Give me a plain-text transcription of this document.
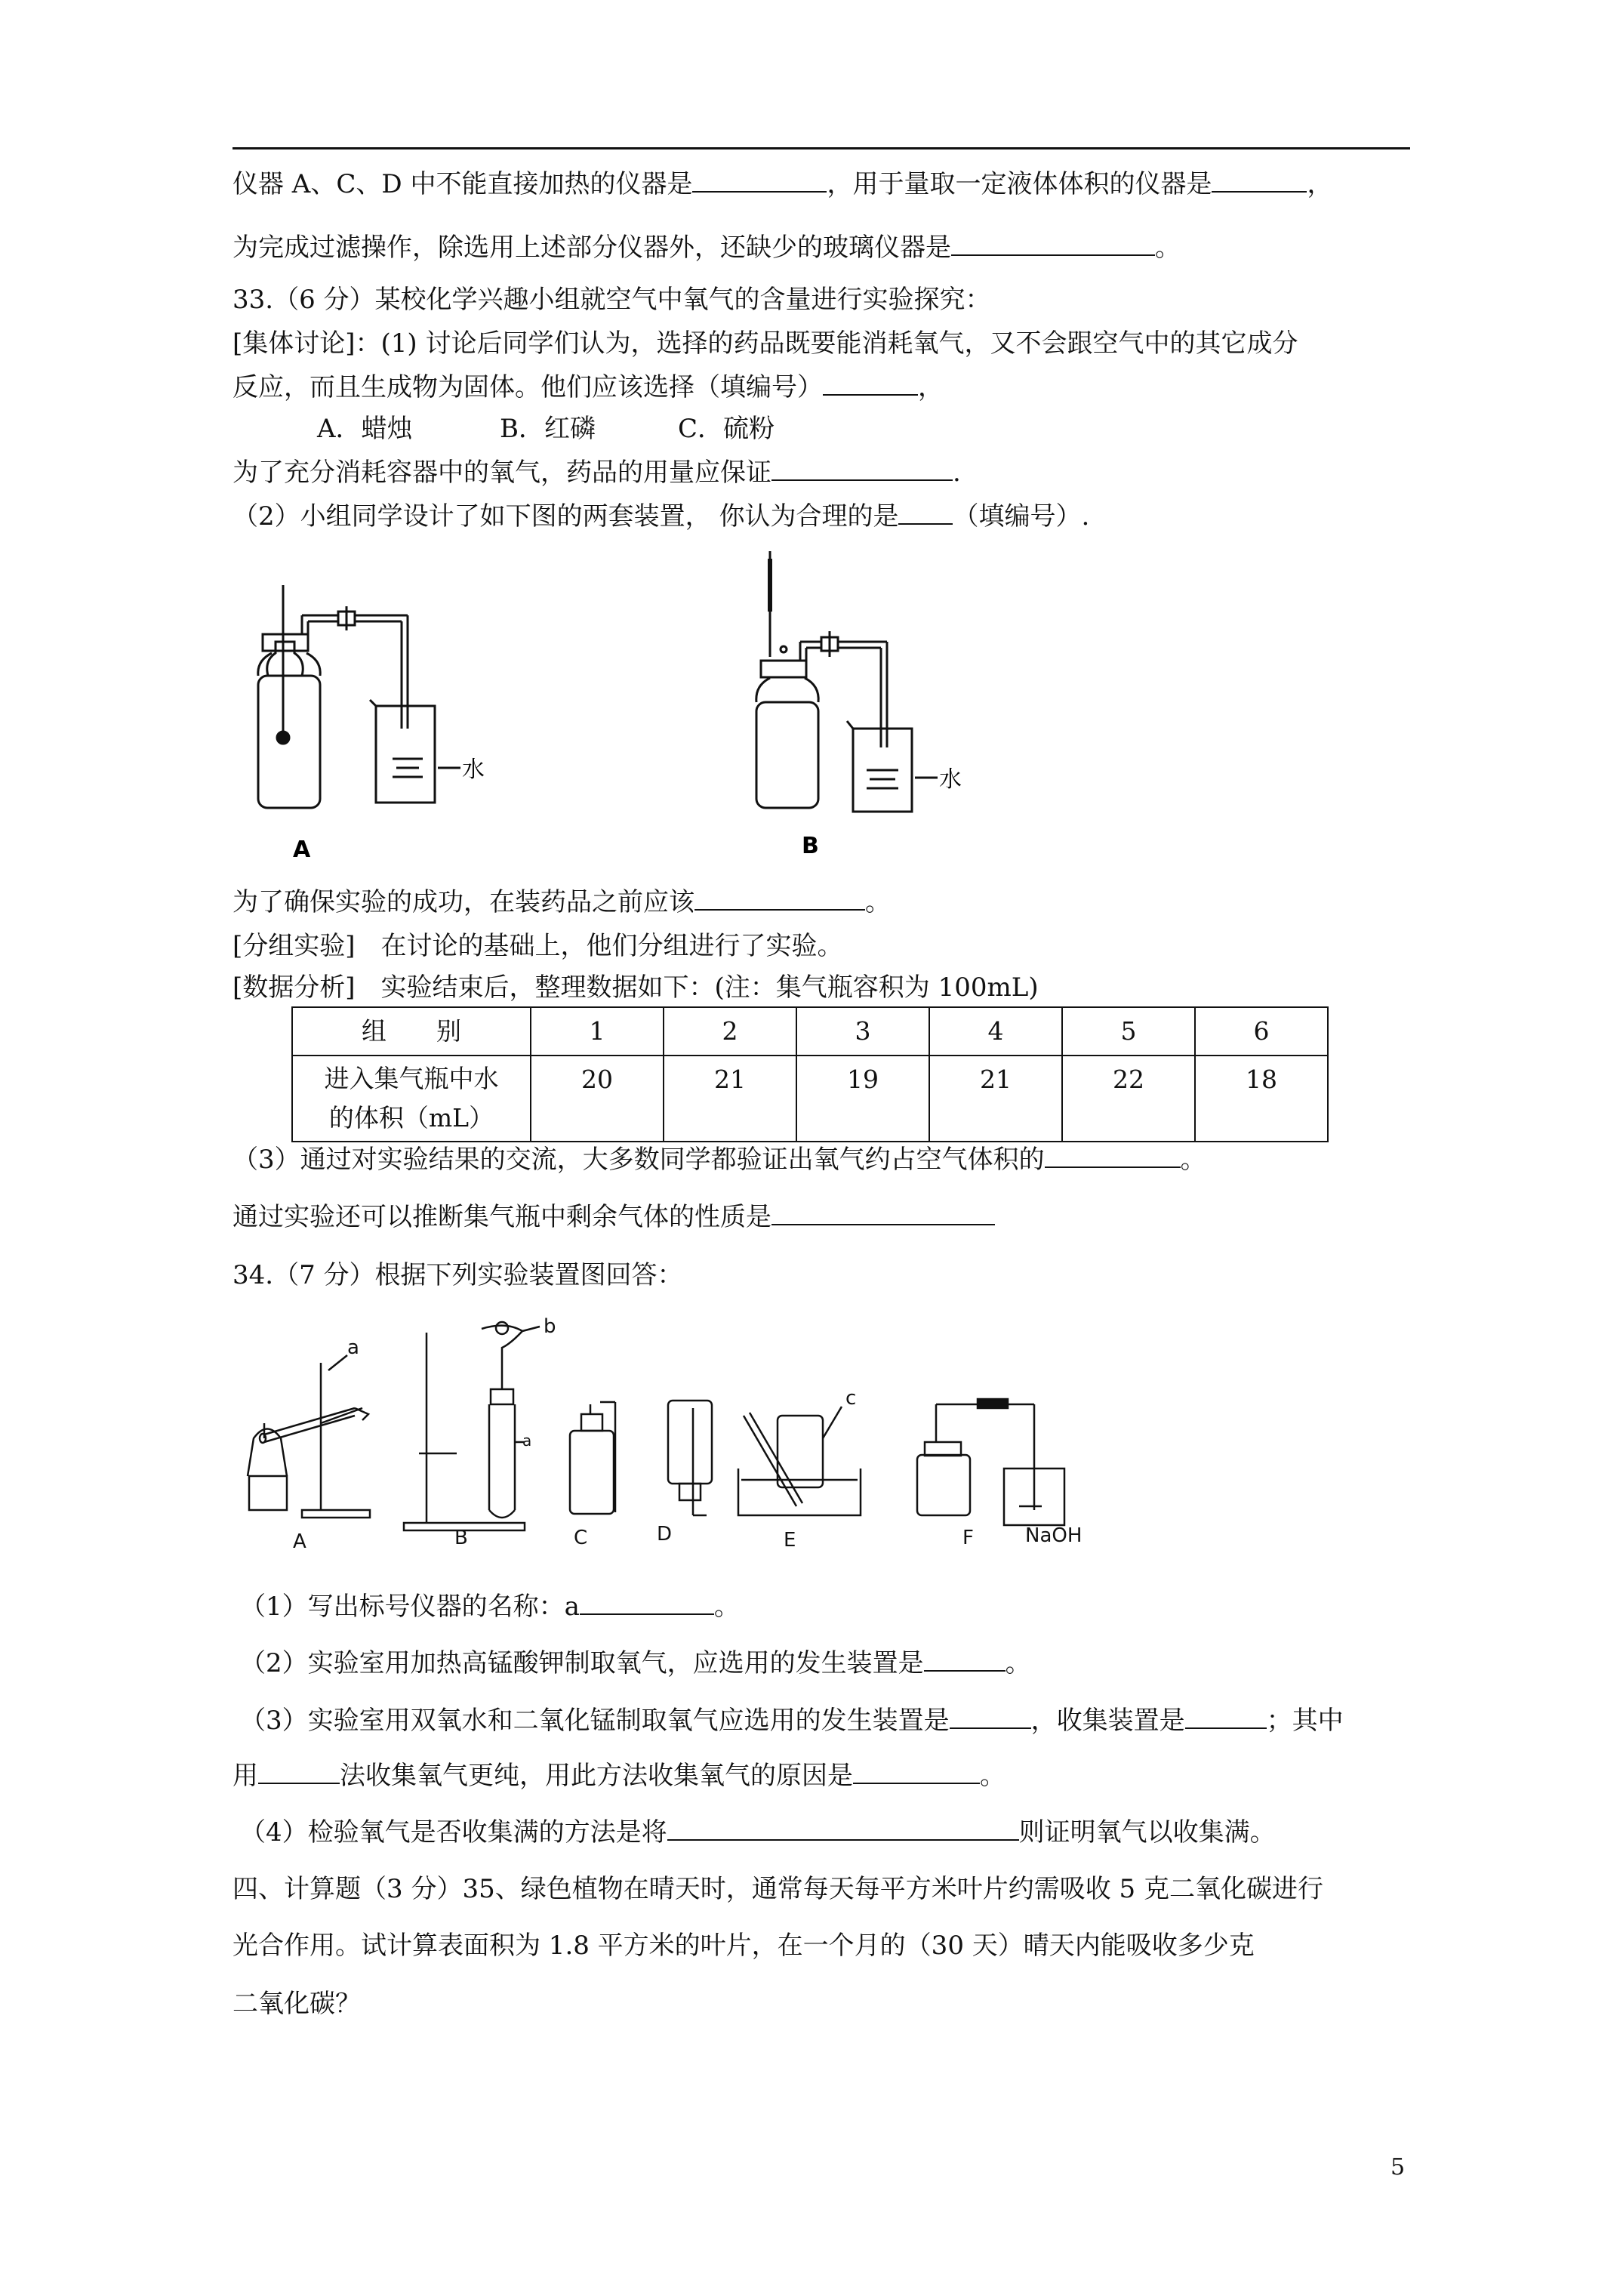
仪器 A、C、D 中不能直接加热的仪器是	，用于量取一定液体体积的仪器是	，
为完成过滤操作，除选用上述部分仪器外，还缺少的玻璃仪器是	。
33.（6 分）某校化学兴趣小组就空气中氧气的含量进行实验探究：
[集体讨论]：(1) 讨论后同学们认为，选择的药品既要能消耗氧气，又不会跟空气中的其它成分
反应，而且生成物为固体。他们应该选择（填编号）	，
A．蜡烛	B．红磷	C．硫粉
为了充分消耗容器中的氧气，药品的用量应保证	.
（2）小组同学设计了如下图的两套装置， 你认为合理的是 （填编号）.
水
A
水
B
为了确保实验的成功，在装药品之前应该	。
[分组实验]　在讨论的基础上，他们分组进行了实验。
[数据分析]　实验结束后，整理数据如下：(注：集气瓶容积为 100mL)
组　　别	1	2	3	4	5	6
进入集气瓶中水
的体积（mL）	20	21	19	21	22	18
（3）通过对实验结果的交流，大多数同学都验证出氧气约占空气体积的	。
通过实验还可以推断集气瓶中剩余气体的性质是
34.（7 分）根据下列实验装置图回答：
a
b
a
c
A	B	C	D	E	F	NaOH
（1）写出标号仪器的名称：a	。
（2）实验室用加热高锰酸钾制取氧气，应选用的发生装置是	。
（3）实验室用双氧水和二氧化锰制取氧气应选用的发生装置是	，收集装置是	；其中
用	法收集氧气更纯，用此方法收集氧气的原因是	。
（4）检验氧气是否收集满的方法是将	则证明氧气以收集满。
四、计算题（3 分）35、绿色植物在晴天时，通常每天每平方米叶片约需吸收 5 克二氧化碳进行
光合作用。试计算表面积为 1.8 平方米的叶片，在一个月的（30 天）晴天内能吸收多少克
二氧化碳？
5
